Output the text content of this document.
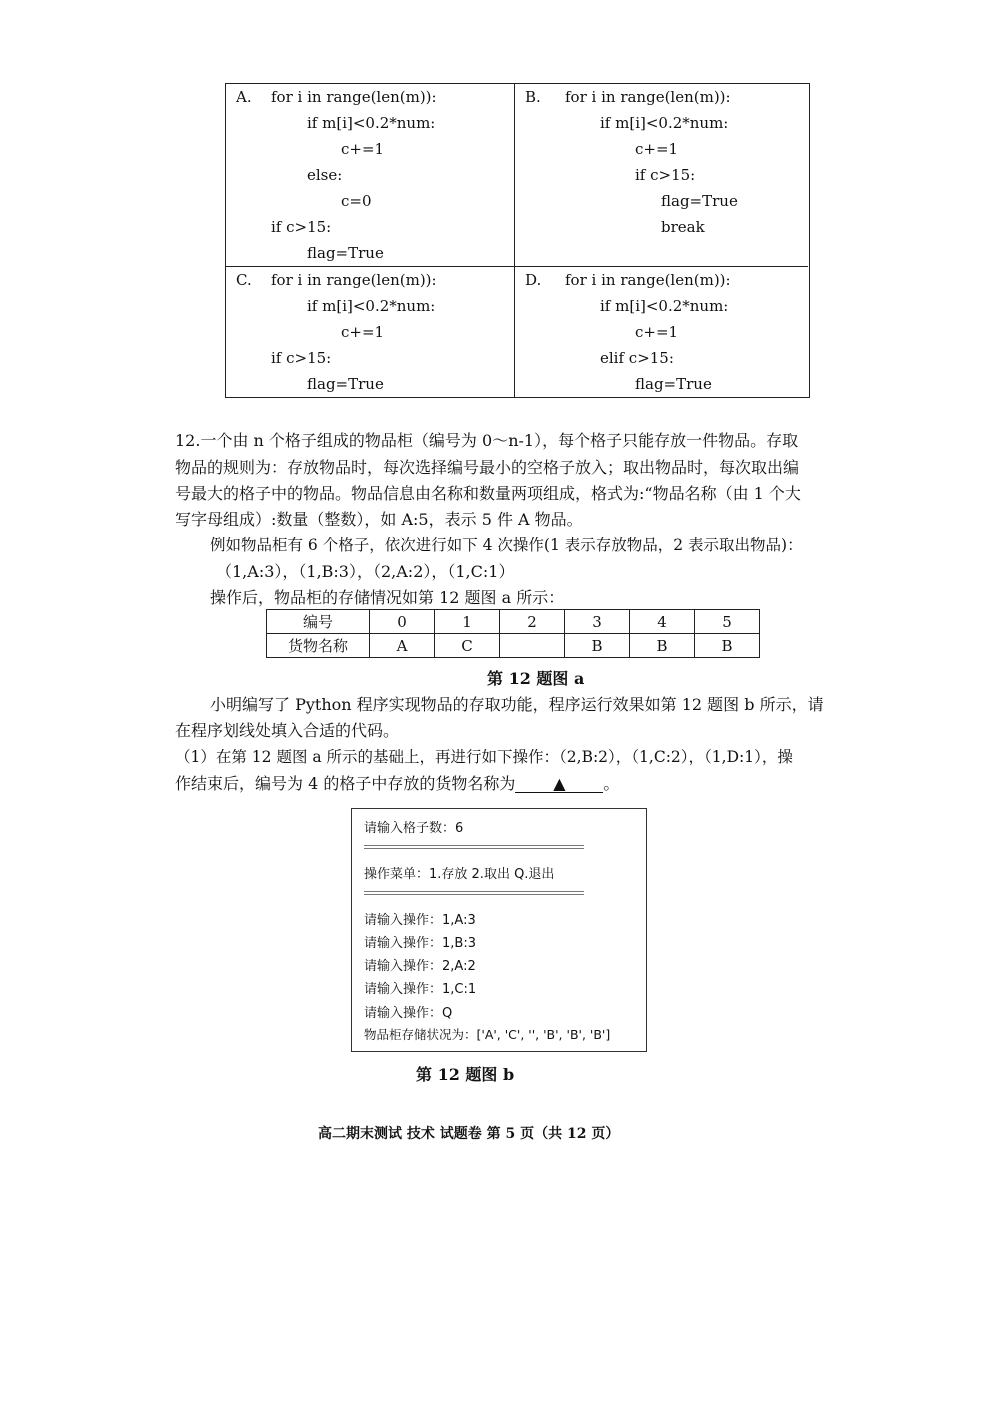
A. for i in range(len(m)):
if m[i]<0.2*num:
c+=1
else:
c=0
if c>15:
flag=True
B. for i in range(len(m)):
if m[i]<0.2*num:
c+=1
if c>15:
flag=True
break
C. for i in range(len(m)):
if m[i]<0.2*num:
c+=1
if c>15:
flag=True
D. for i in range(len(m)):
if m[i]<0.2*num:
c+=1
elif c>15:
flag=True
12.一个由 n 个格子组成的物品柜（编号为 0～n-1），每个格子只能存放一件物品。存取
物品的规则为：存放物品时，每次选择编号最小的空格子放入；取出物品时，每次取出编
号最大的格子中的物品。物品信息由名称和数量两项组成，格式为:“物品名称（由 1 个大
写字母组成）:数量（整数），如 A:5，表示 5 件 A 物品。
例如物品柜有 6 个格子，依次进行如下 4 次操作(1 表示存放物品，2 表示取出物品)：
（1,A:3），（1,B:3），（2,A:2），（1,C:1）
操作后，物品柜的存储情况如第 12 题图 a 所示：
编号	0	1	2	3	4	5
货物名称	A	C		B	B	B
第 12 题图 a
小明编写了 Python 程序实现物品的存取功能，程序运行效果如第 12 题图 b 所示，请
在程序划线处填入合适的代码。
（1）在第 12 题图 a 所示的基础上，再进行如下操作：（2,B:2），（1,C:2），（1,D:1），操
作结束后，编号为 4 的格子中存放的货物名称为 ▲ 。
请输入格子数：6
操作菜单：1.存放 2.取出 Q.退出
请输入操作：1,A:3
请输入操作：1,B:3
请输入操作：2,A:2
请输入操作：1,C:1
请输入操作：Q
物品柜存储状况为：['A', 'C', '', 'B', 'B', 'B']
第 12 题图 b
高二期末测试 技术 试题卷 第 5 页（共 12 页）
